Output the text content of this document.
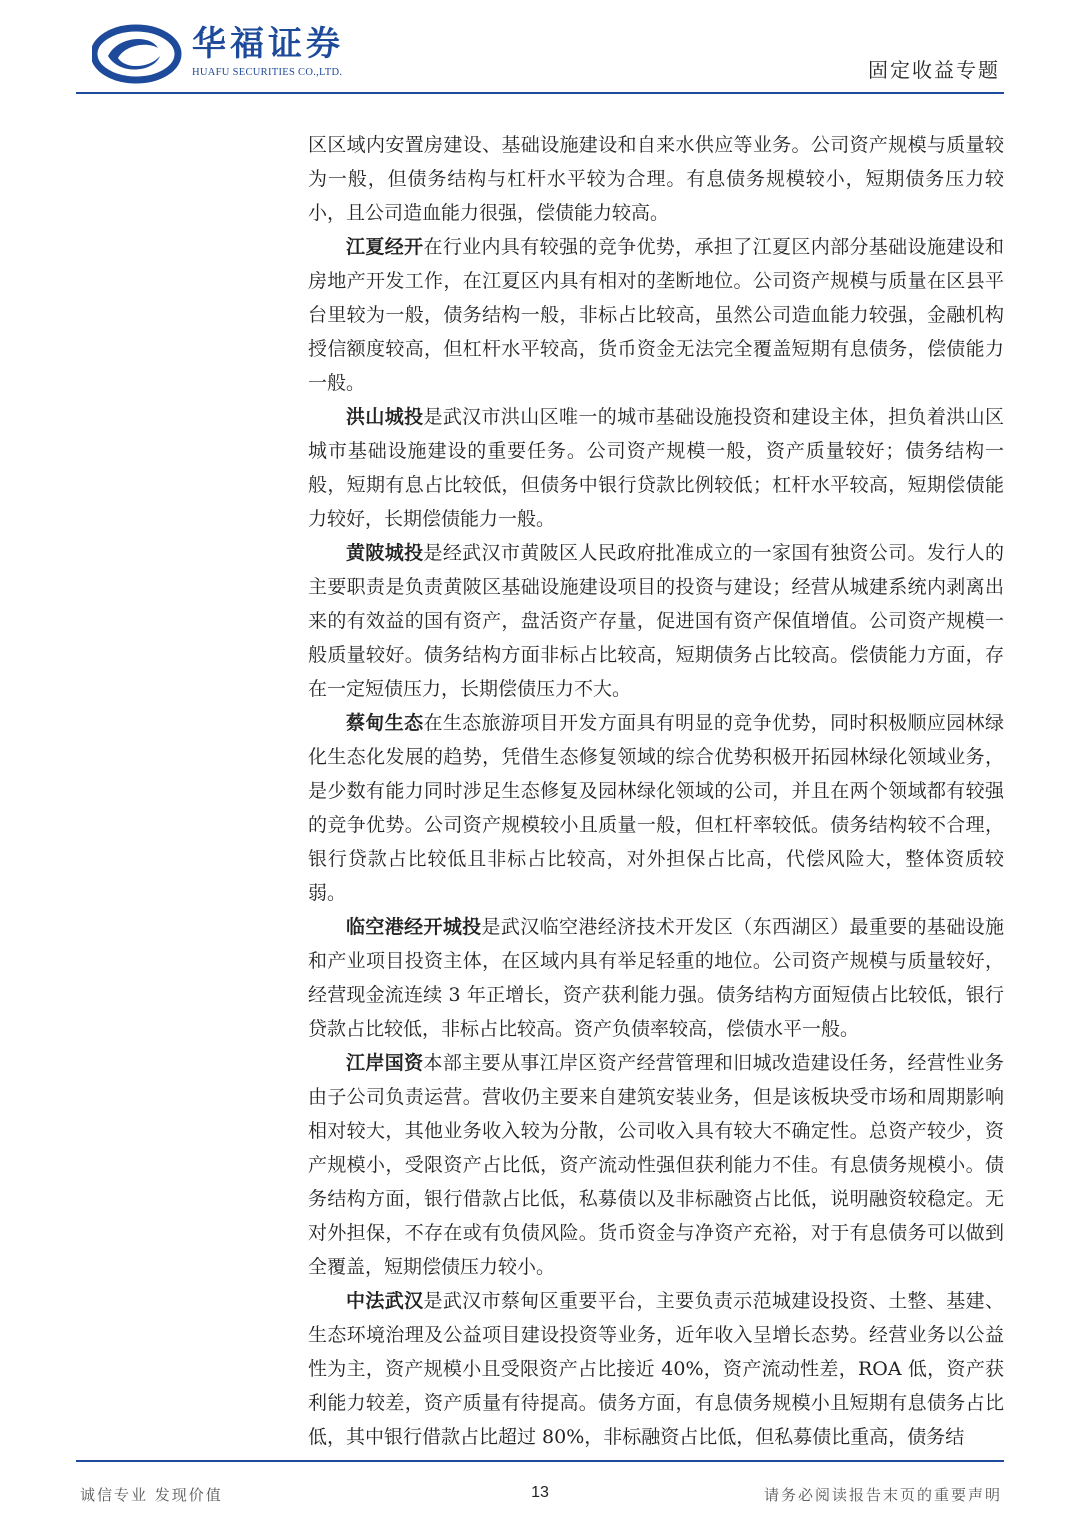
华福证券
HUAFU SECURITIES CO.,LTD.	固定收益专题

区区域内安置房建设、基础设施建设和自来水供应等业务。公司资产规模与质量较为一般，但债务结构与杠杆水平较为合理。有息债务规模较小，短期债务压力较小，且公司造血能力很强，偿债能力较高。

江夏经开在行业内具有较强的竞争优势，承担了江夏区内部分基础设施建设和房地产开发工作，在江夏区内具有相对的垄断地位。公司资产规模与质量在区县平台里较为一般，债务结构一般，非标占比较高，虽然公司造血能力较强，金融机构授信额度较高，但杠杆水平较高，货币资金无法完全覆盖短期有息债务，偿债能力一般。

洪山城投是武汉市洪山区唯一的城市基础设施投资和建设主体，担负着洪山区城市基础设施建设的重要任务。公司资产规模一般，资产质量较好；债务结构一般，短期有息占比较低，但债务中银行贷款比例较低；杠杆水平较高，短期偿债能力较好，长期偿债能力一般。

黄陂城投是经武汉市黄陂区人民政府批准成立的一家国有独资公司。发行人的主要职责是负责黄陂区基础设施建设项目的投资与建设；经营从城建系统内剥离出来的有效益的国有资产，盘活资产存量，促进国有资产保值增值。公司资产规模一般质量较好。债务结构方面非标占比较高，短期债务占比较高。偿债能力方面，存在一定短债压力，长期偿债压力不大。

蔡甸生态在生态旅游项目开发方面具有明显的竞争优势，同时积极顺应园林绿化生态化发展的趋势，凭借生态修复领域的综合优势积极开拓园林绿化领域业务，是少数有能力同时涉足生态修复及园林绿化领域的公司，并且在两个领域都有较强的竞争优势。公司资产规模较小且质量一般，但杠杆率较低。债务结构较不合理，银行贷款占比较低且非标占比较高，对外担保占比高，代偿风险大，整体资质较弱。

临空港经开城投是武汉临空港经济技术开发区（东西湖区）最重要的基础设施和产业项目投资主体，在区域内具有举足轻重的地位。公司资产规模与质量较好，经营现金流连续 3 年正增长，资产获利能力强。债务结构方面短债占比较低，银行贷款占比较低，非标占比较高。资产负债率较高，偿债水平一般。

江岸国资本部主要从事江岸区资产经营管理和旧城改造建设任务，经营性业务由子公司负责运营。营收仍主要来自建筑安装业务，但是该板块受市场和周期影响相对较大，其他业务收入较为分散，公司收入具有较大不确定性。总资产较少，资产规模小，受限资产占比低，资产流动性强但获利能力不佳。有息债务规模小。债务结构方面，银行借款占比低，私募债以及非标融资占比低，说明融资较稳定。无对外担保，不存在或有负债风险。货币资金与净资产充裕，对于有息债务可以做到全覆盖，短期偿债压力较小。

中法武汉是武汉市蔡甸区重要平台，主要负责示范城建设投资、土整、基建、生态环境治理及公益项目建设投资等业务，近年收入呈增长态势。经营业务以公益性为主，资产规模小且受限资产占比接近 40%，资产流动性差，ROA 低，资产获利能力较差，资产质量有待提高。债务方面，有息债务规模小且短期有息债务占比低，其中银行借款占比超过 80%，非标融资占比低，但私募债比重高，债务结

诚信专业 发现价值	13	请务必阅读报告末页的重要声明
